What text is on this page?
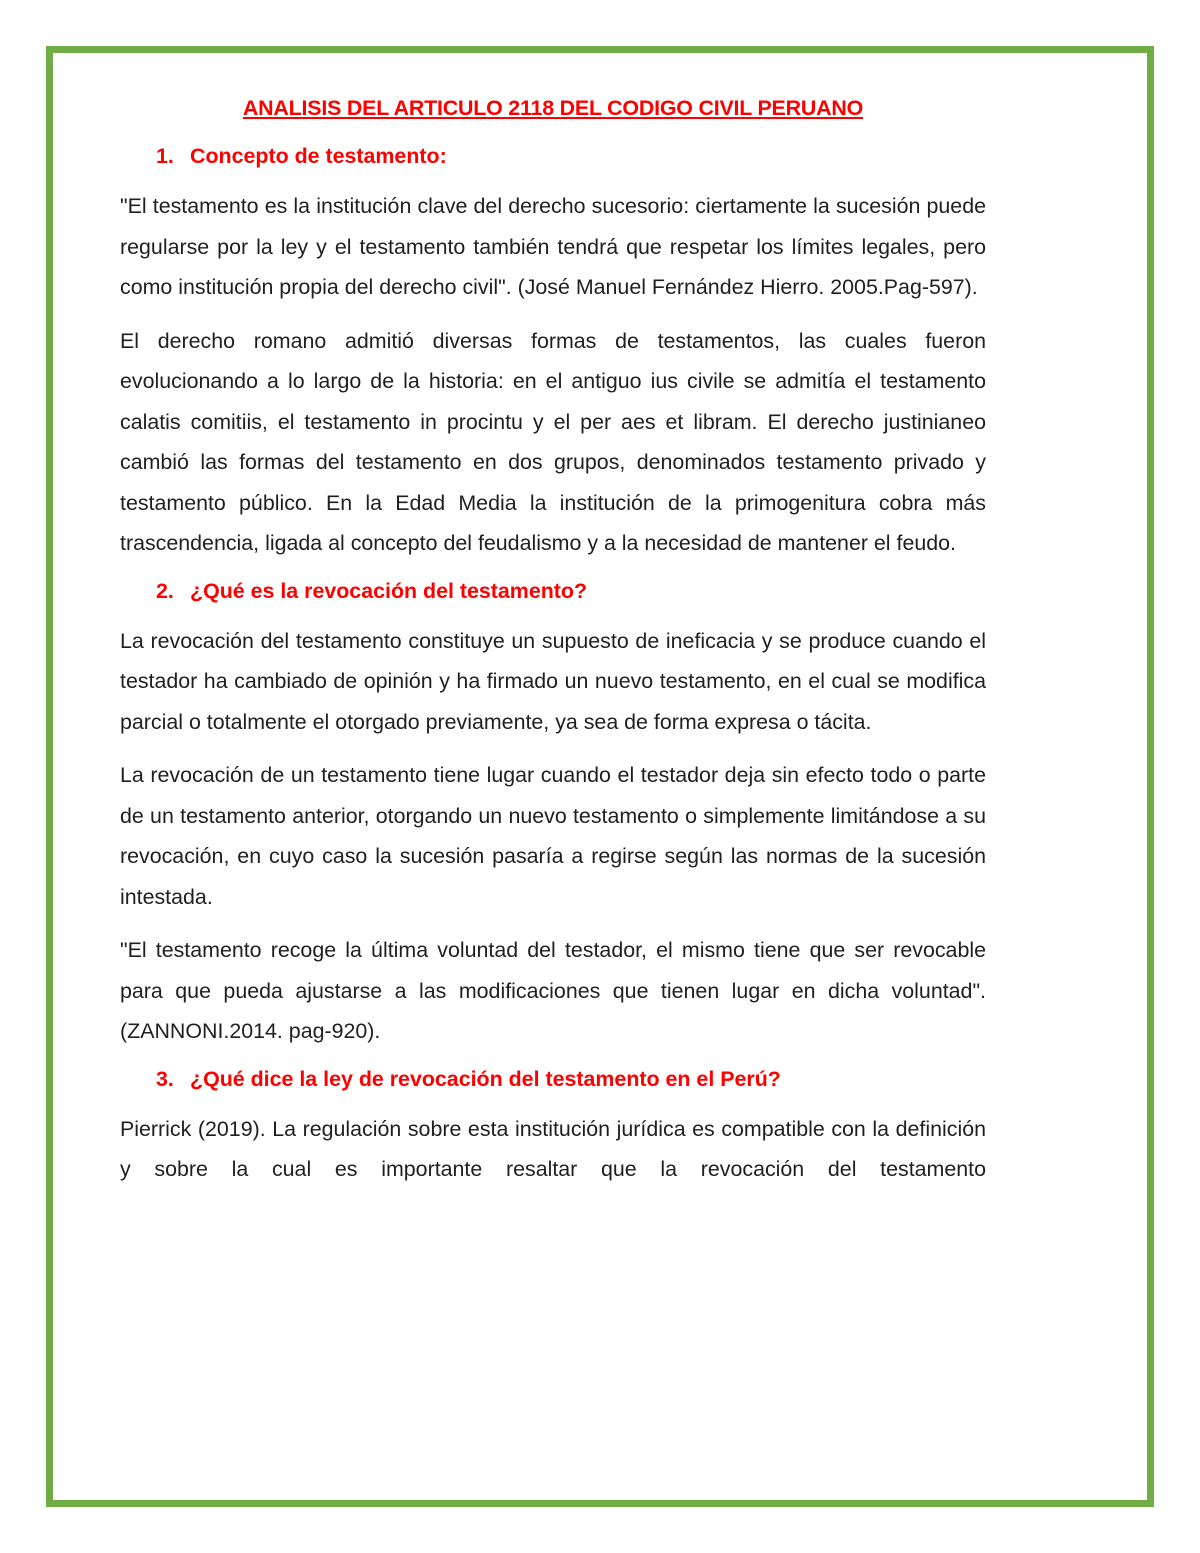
ANALISIS DEL ARTICULO 2118 DEL CODIGO CIVIL PERUANO
1. Concepto de testamento:

"El testamento es la institución clave del derecho sucesorio: ciertamente la sucesión puede regularse por la ley y el testamento también tendrá que respetar los límites legales, pero como institución propia del derecho civil". (José Manuel Fernández Hierro. 2005.Pag-597).

El derecho romano admitió diversas formas de testamentos, las cuales fueron evolucionando a lo largo de la historia: en el antiguo ius civile se admitía el testamento calatis comitiis, el testamento in procintu y el per aes et libram. El derecho justinianeo cambió las formas del testamento en dos grupos, denominados testamento privado y testamento público. En la Edad Media la institución de la primogenitura cobra más trascendencia, ligada al concepto del feudalismo y a la necesidad de mantener el feudo.

2. ¿Qué es la revocación del testamento?

La revocación del testamento constituye un supuesto de ineficacia y se produce cuando el testador ha cambiado de opinión y ha firmado un nuevo testamento, en el cual se modifica parcial o totalmente el otorgado previamente, ya sea de forma expresa o tácita.

La revocación de un testamento tiene lugar cuando el testador deja sin efecto todo o parte de un testamento anterior, otorgando un nuevo testamento o simplemente limitándose a su revocación, en cuyo caso la sucesión pasaría a regirse según las normas de la sucesión intestada.

"El testamento recoge la última voluntad del testador, el mismo tiene que ser revocable para que pueda ajustarse a las modificaciones que tienen lugar en dicha voluntad". (ZANNONI.2014. pag-920).

3. ¿Qué dice la ley de revocación del testamento en el Perú?

Pierrick (2019). La regulación sobre esta institución jurídica es compatible con la definición y sobre la cual es importante resaltar que la revocación del testamento
